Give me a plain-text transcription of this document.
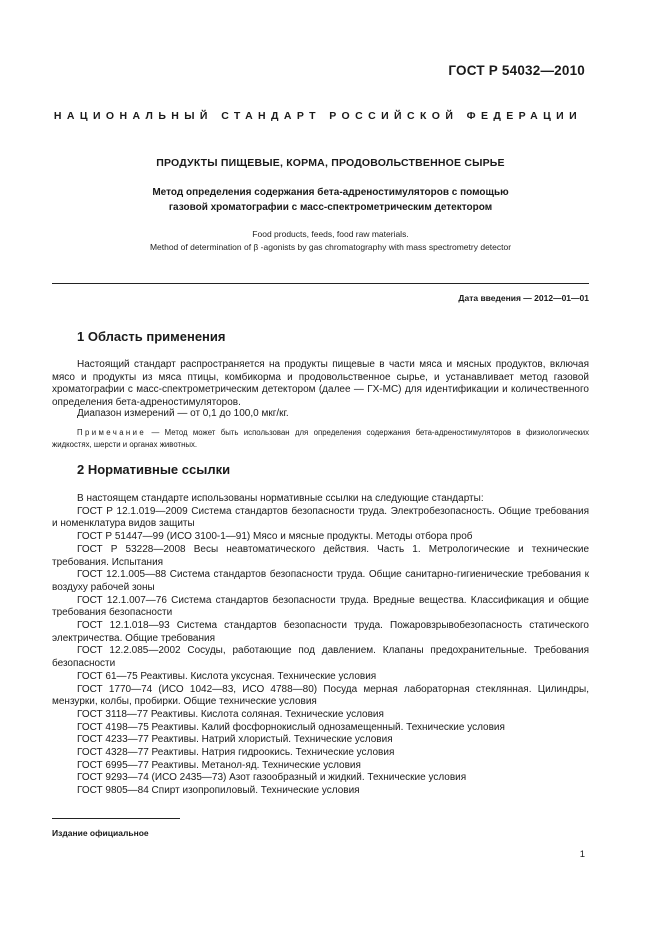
ГОСТ Р 54032—2010
НАЦИОНАЛЬНЫЙ СТАНДАРТ РОССИЙСКОЙ ФЕДЕРАЦИИ
ПРОДУКТЫ ПИЩЕВЫЕ, КОРМА, ПРОДОВОЛЬСТВЕННОЕ СЫРЬЕ
Метод определения содержания бета-адреностимуляторов с помощью
газовой хроматографии с масс-спектрометрическим детектором
Food products, feeds, food raw materials.
Method of determination of β -agonists by gas chromatography with mass spectrometry detector
Дата введения — 2012—01—01
1 Область применения
Настоящий стандарт распространяется на продукты пищевые в части мяса и мясных продуктов, включая мясо и продукты из мяса птицы, комбикорма и продовольственное сырье, и устанавливает метод газовой хроматографии с масс-спектрометрическим детектором (далее — ГХ-МС) для идентификации и количественного определения бета-адреностимуляторов.
Диапазон измерений — от 0,1 до 100,0 мкг/кг.
Примечание — Метод может быть использован для определения содержания бета-адреностимуляторов в физиологических жидкостях, шерсти и органах животных.
2 Нормативные ссылки
В настоящем стандарте использованы нормативные ссылки на следующие стандарты:
ГОСТ Р 12.1.019—2009 Система стандартов безопасности труда. Электробезопасность. Общие требования и номенклатура видов защиты
ГОСТ Р 51447—99 (ИСО 3100-1—91) Мясо и мясные продукты. Методы отбора проб
ГОСТ Р 53228—2008 Весы неавтоматического действия. Часть 1. Метрологические и технические требования. Испытания
ГОСТ 12.1.005—88 Система стандартов безопасности труда. Общие санитарно-гигиенические требования к воздуху рабочей зоны
ГОСТ 12.1.007—76 Система стандартов безопасности труда. Вредные вещества. Классификация и общие требования безопасности
ГОСТ 12.1.018—93 Система стандартов безопасности труда. Пожаровзрывобезопасность статического электричества. Общие требования
ГОСТ 12.2.085—2002 Сосуды, работающие под давлением. Клапаны предохранительные. Требования безопасности
ГОСТ 61—75 Реактивы. Кислота уксусная. Технические условия
ГОСТ 1770—74 (ИСО 1042—83, ИСО 4788—80) Посуда мерная лабораторная стеклянная. Цилиндры, мензурки, колбы, пробирки. Общие технические условия
ГОСТ 3118—77 Реактивы. Кислота соляная. Технические условия
ГОСТ 4198—75 Реактивы. Калий фосфорнокислый однозамещенный. Технические условия
ГОСТ 4233—77 Реактивы. Натрий хлористый. Технические условия
ГОСТ 4328—77 Реактивы. Натрия гидроокись. Технические условия
ГОСТ 6995—77 Реактивы. Метанол-яд. Технические условия
ГОСТ 9293—74 (ИСО 2435—73) Азот газообразный и жидкий. Технические условия
ГОСТ 9805—84 Спирт изопропиловый. Технические условия
Издание официальное
1
